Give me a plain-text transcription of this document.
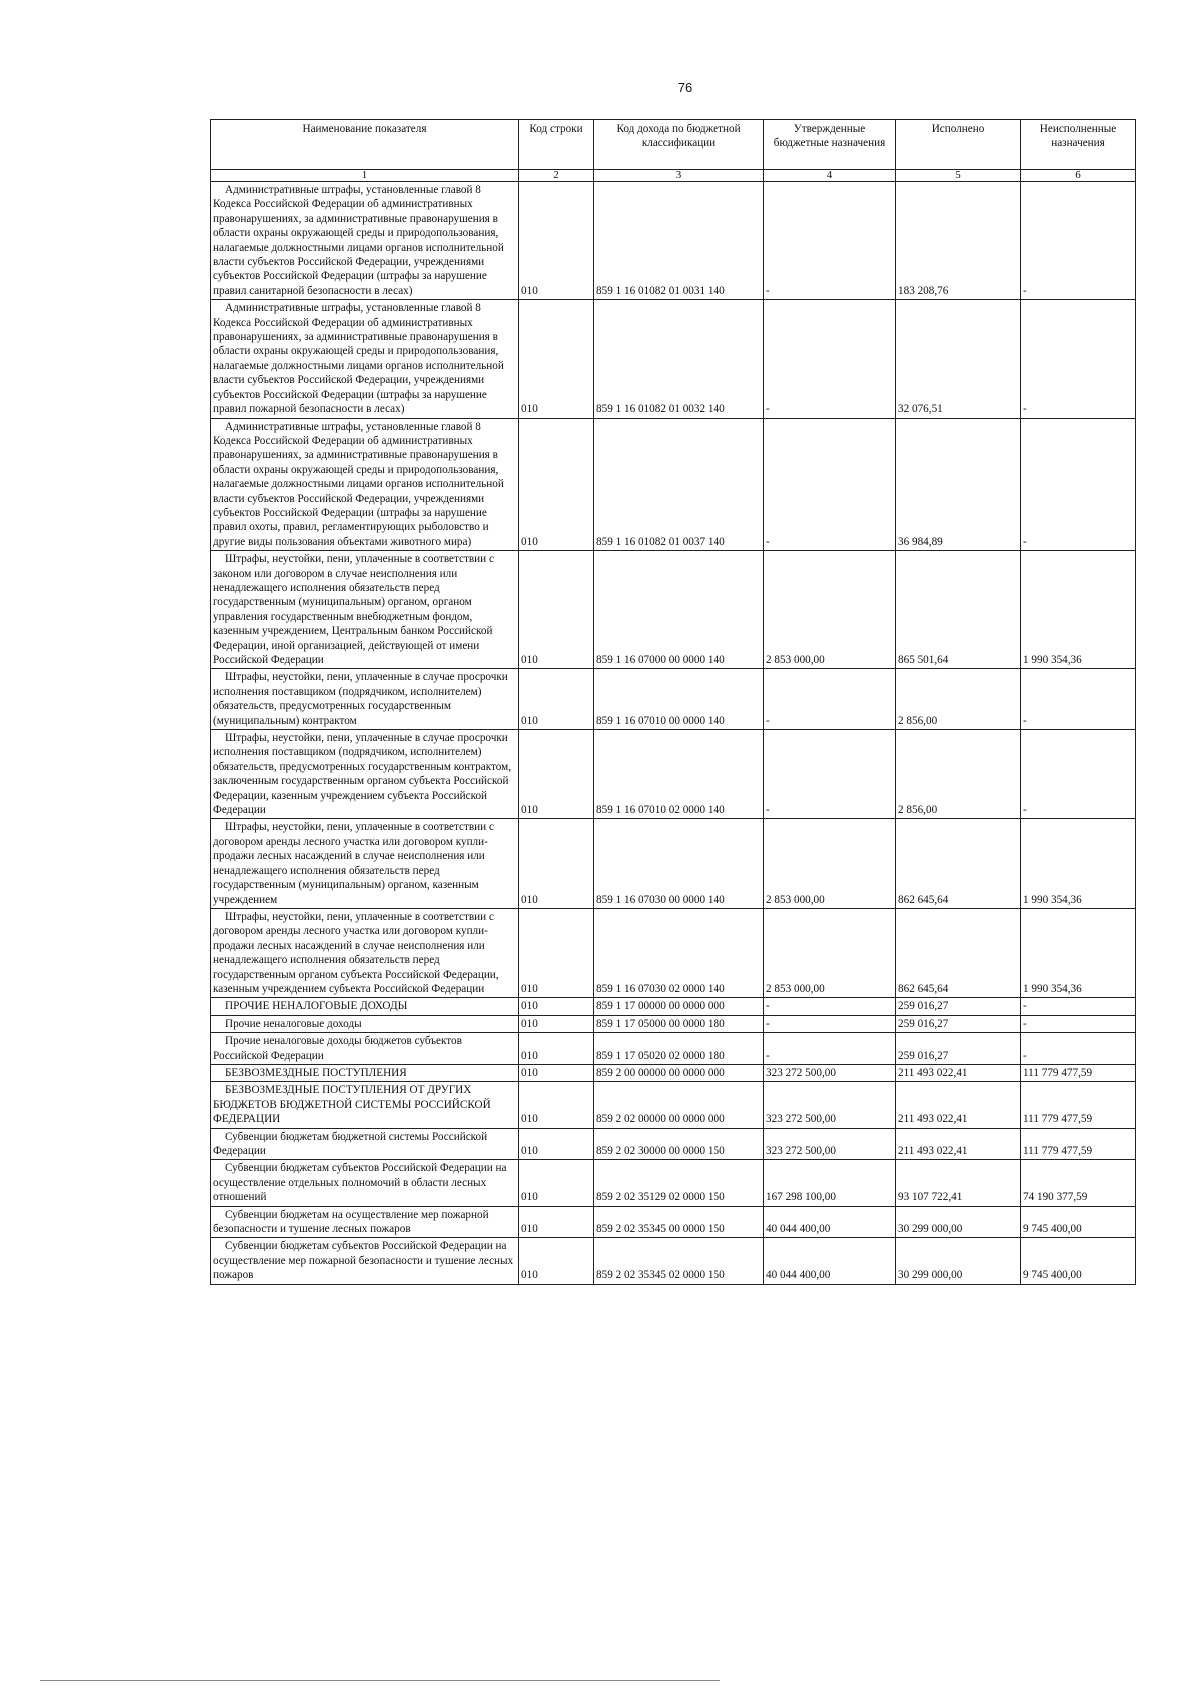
76
Наименование показателя	Код строки	Код дохода по бюджетной классификации	Утвержденные бюджетные назначения	Исполнено	Неисполненные назначения
1	2	3	4	5	6
Административные штрафы, установленные главой 8 Кодекса Российской Федерации об административных правонарушениях, за административные правонарушения в области охраны окружающей среды и природопользования, налагаемые должностными лицами органов исполнительной власти субъектов Российской Федерации, учреждениями субъектов Российской Федерации (штрафы за нарушение правил санитарной безопасности в лесах)	010	859 1 16 01082 01 0031 140	-	183 208,76	-
Административные штрафы, установленные главой 8 Кодекса Российской Федерации об административных правонарушениях, за административные правонарушения в области охраны окружающей среды и природопользования, налагаемые должностными лицами органов исполнительной власти субъектов Российской Федерации, учреждениями субъектов Российской Федерации (штрафы за нарушение правил пожарной безопасности в лесах)	010	859 1 16 01082 01 0032 140	-	32 076,51	-
Административные штрафы, установленные главой 8 Кодекса Российской Федерации об административных правонарушениях, за административные правонарушения в области охраны окружающей среды и природопользования, налагаемые должностными лицами органов исполнительной власти субъектов Российской Федерации, учреждениями субъектов Российской Федерации (штрафы за нарушение правил охоты, правил, регламентирующих рыболовство и другие виды пользования объектами животного мира)	010	859 1 16 01082 01 0037 140	-	36 984,89	-
Штрафы, неустойки, пени, уплаченные в соответствии с законом или договором в случае неисполнения или ненадлежащего исполнения обязательств перед государственным (муниципальным) органом, органом управления государственным внебюджетным фондом, казенным учреждением, Центральным банком Российской Федерации, иной организацией, действующей от имени Российской Федерации	010	859 1 16 07000 00 0000 140	2 853 000,00	865 501,64	1 990 354,36
Штрафы, неустойки, пени, уплаченные в случае просрочки исполнения поставщиком (подрядчиком, исполнителем) обязательств, предусмотренных государственным (муниципальным) контрактом	010	859 1 16 07010 00 0000 140	-	2 856,00	-
Штрафы, неустойки, пени, уплаченные в случае просрочки исполнения поставщиком (подрядчиком, исполнителем) обязательств, предусмотренных государственным контрактом, заключенным государственным органом субъекта Российской Федерации, казенным учреждением субъекта Российской Федерации	010	859 1 16 07010 02 0000 140	-	2 856,00	-
Штрафы, неустойки, пени, уплаченные в соответствии с договором аренды лесного участка или договором купли-продажи лесных насаждений в случае неисполнения или ненадлежащего исполнения обязательств перед государственным (муниципальным) органом, казенным учреждением	010	859 1 16 07030 00 0000 140	2 853 000,00	862 645,64	1 990 354,36
Штрафы, неустойки, пени, уплаченные в соответствии с договором аренды лесного участка или договором купли-продажи лесных насаждений в случае неисполнения или ненадлежащего исполнения обязательств перед государственным органом субъекта Российской Федерации, казенным учреждением субъекта Российской Федерации	010	859 1 16 07030 02 0000 140	2 853 000,00	862 645,64	1 990 354,36
ПРОЧИЕ НЕНАЛОГОВЫЕ ДОХОДЫ	010	859 1 17 00000 00 0000 000	-	259 016,27	-
Прочие неналоговые доходы	010	859 1 17 05000 00 0000 180	-	259 016,27	-
Прочие неналоговые доходы бюджетов субъектов Российской Федерации	010	859 1 17 05020 02 0000 180	-	259 016,27	-
БЕЗВОЗМЕЗДНЫЕ ПОСТУПЛЕНИЯ	010	859 2 00 00000 00 0000 000	323 272 500,00	211 493 022,41	111 779 477,59
БЕЗВОЗМЕЗДНЫЕ ПОСТУПЛЕНИЯ ОТ ДРУГИХ БЮДЖЕТОВ БЮДЖЕТНОЙ СИСТЕМЫ РОССИЙСКОЙ ФЕДЕРАЦИИ	010	859 2 02 00000 00 0000 000	323 272 500,00	211 493 022,41	111 779 477,59
Субвенции бюджетам бюджетной системы Российской Федерации	010	859 2 02 30000 00 0000 150	323 272 500,00	211 493 022,41	111 779 477,59
Субвенции бюджетам субъектов Российской Федерации на осуществление отдельных полномочий в области лесных отношений	010	859 2 02 35129 02 0000 150	167 298 100,00	93 107 722,41	74 190 377,59
Субвенции бюджетам на осуществление мер пожарной безопасности и тушение лесных пожаров	010	859 2 02 35345 00 0000 150	40 044 400,00	30 299 000,00	9 745 400,00
Субвенции бюджетам субъектов Российской Федерации на осуществление мер пожарной безопасности и тушение лесных пожаров	010	859 2 02 35345 02 0000 150	40 044 400,00	30 299 000,00	9 745 400,00
